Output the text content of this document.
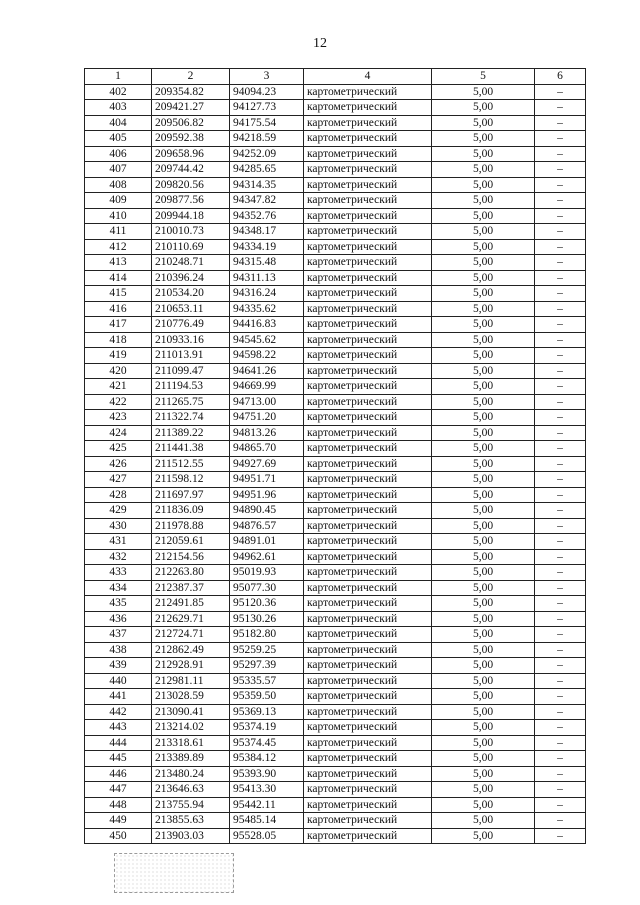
12
1	2	3	4	5	6
402	209354.82	94094.23	картометрический	5,00	–
403	209421.27	94127.73	картометрический	5,00	–
404	209506.82	94175.54	картометрический	5,00	–
405	209592.38	94218.59	картометрический	5,00	–
406	209658.96	94252.09	картометрический	5,00	–
407	209744.42	94285.65	картометрический	5,00	–
408	209820.56	94314.35	картометрический	5,00	–
409	209877.56	94347.82	картометрический	5,00	–
410	209944.18	94352.76	картометрический	5,00	–
411	210010.73	94348.17	картометрический	5,00	–
412	210110.69	94334.19	картометрический	5,00	–
413	210248.71	94315.48	картометрический	5,00	–
414	210396.24	94311.13	картометрический	5,00	–
415	210534.20	94316.24	картометрический	5,00	–
416	210653.11	94335.62	картометрический	5,00	–
417	210776.49	94416.83	картометрический	5,00	–
418	210933.16	94545.62	картометрический	5,00	–
419	211013.91	94598.22	картометрический	5,00	–
420	211099.47	94641.26	картометрический	5,00	–
421	211194.53	94669.99	картометрический	5,00	–
422	211265.75	94713.00	картометрический	5,00	–
423	211322.74	94751.20	картометрический	5,00	–
424	211389.22	94813.26	картометрический	5,00	–
425	211441.38	94865.70	картометрический	5,00	–
426	211512.55	94927.69	картометрический	5,00	–
427	211598.12	94951.71	картометрический	5,00	–
428	211697.97	94951.96	картометрический	5,00	–
429	211836.09	94890.45	картометрический	5,00	–
430	211978.88	94876.57	картометрический	5,00	–
431	212059.61	94891.01	картометрический	5,00	–
432	212154.56	94962.61	картометрический	5,00	–
433	212263.80	95019.93	картометрический	5,00	–
434	212387.37	95077.30	картометрический	5,00	–
435	212491.85	95120.36	картометрический	5,00	–
436	212629.71	95130.26	картометрический	5,00	–
437	212724.71	95182.80	картометрический	5,00	–
438	212862.49	95259.25	картометрический	5,00	–
439	212928.91	95297.39	картометрический	5,00	–
440	212981.11	95335.57	картометрический	5,00	–
441	213028.59	95359.50	картометрический	5,00	–
442	213090.41	95369.13	картометрический	5,00	–
443	213214.02	95374.19	картометрический	5,00	–
444	213318.61	95374.45	картометрический	5,00	–
445	213389.89	95384.12	картометрический	5,00	–
446	213480.24	95393.90	картометрический	5,00	–
447	213646.63	95413.30	картометрический	5,00	–
448	213755.94	95442.11	картометрический	5,00	–
449	213855.63	95485.14	картометрический	5,00	–
450	213903.03	95528.05	картометрический	5,00	–
